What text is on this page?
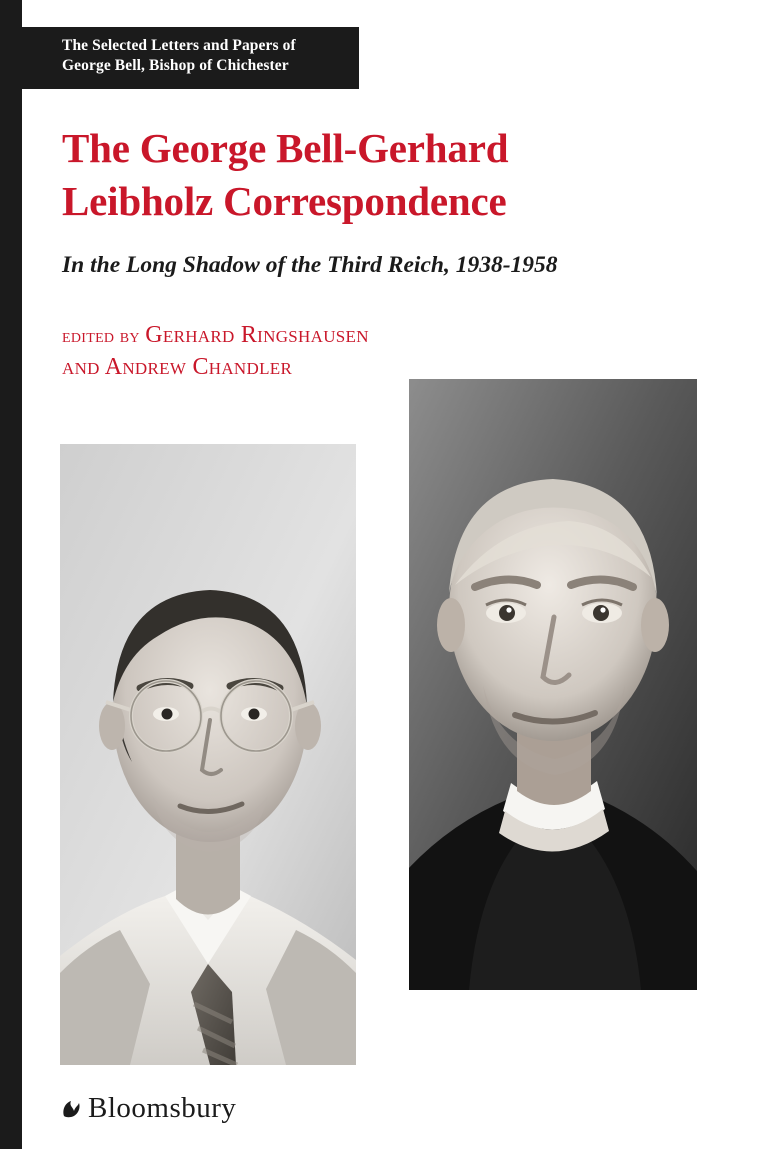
The Selected Letters and Papers of
George Bell, Bishop of Chichester
The George Bell-Gerhard
Leibholz Correspondence
In the Long Shadow of the Third Reich, 1938-1958
edited by Gerhard Ringshausen
and Andrew Chandler
Bloomsbury
